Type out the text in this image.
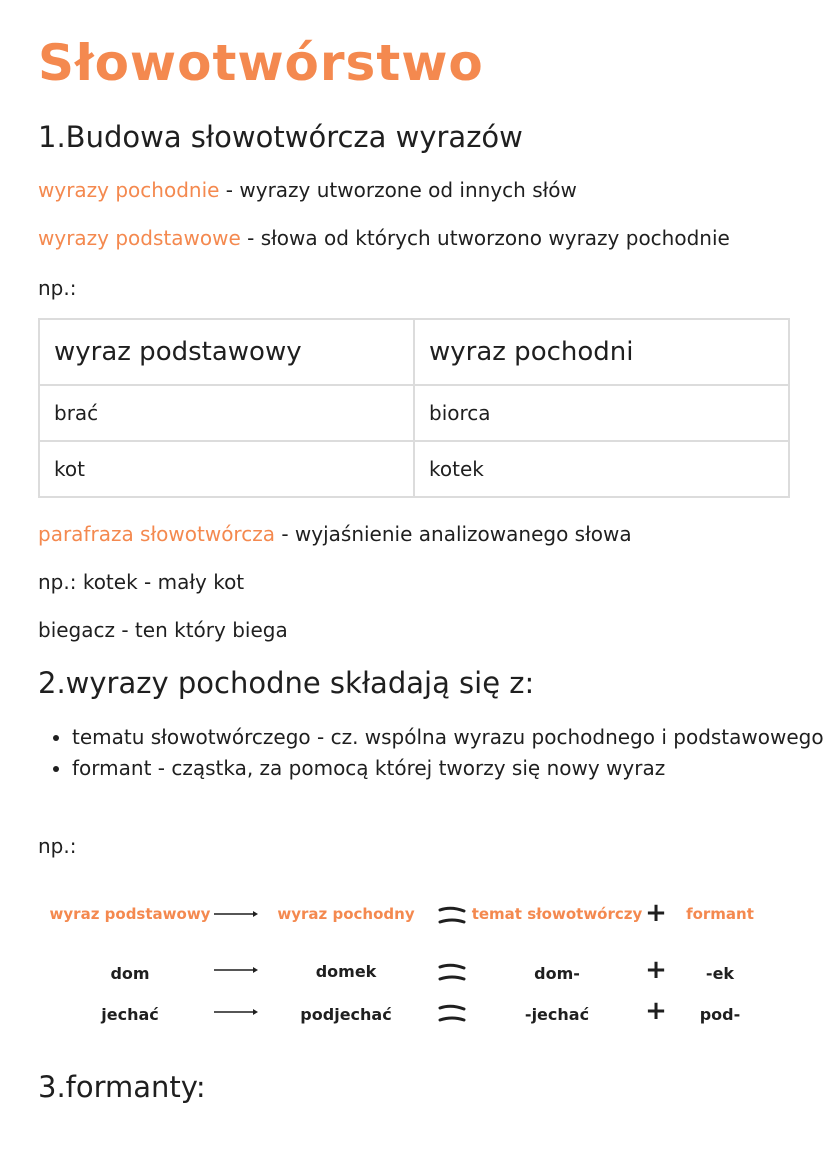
Słowotwórstwo
1.Budowa słowotwórcza wyrazów

wyrazy pochodnie - wyrazy utworzone od innych słów

wyrazy podstawowe - słowa od których utworzono wyrazy pochodnie

np.:

wyraz podstawowy	wyraz pochodni
brać	biorca
kot	kotek

parafraza słowotwórcza - wyjaśnienie analizowanego słowa

np.: kotek - mały kot

biegacz - ten który biega

2.wyrazy pochodne składają się z:
• tematu słowotwórczego - cz. wspólna wyrazu pochodnego i podstawowego
• formant - cząstka, za pomocą której tworzy się nowy wyraz

np.:

wyraz podstawowy	wyraz pochodny	temat słowotwórczy + formant
dom	domek	dom-	+ -ek
jechać	podjechać	-jechać + pod-
3.formanty:
